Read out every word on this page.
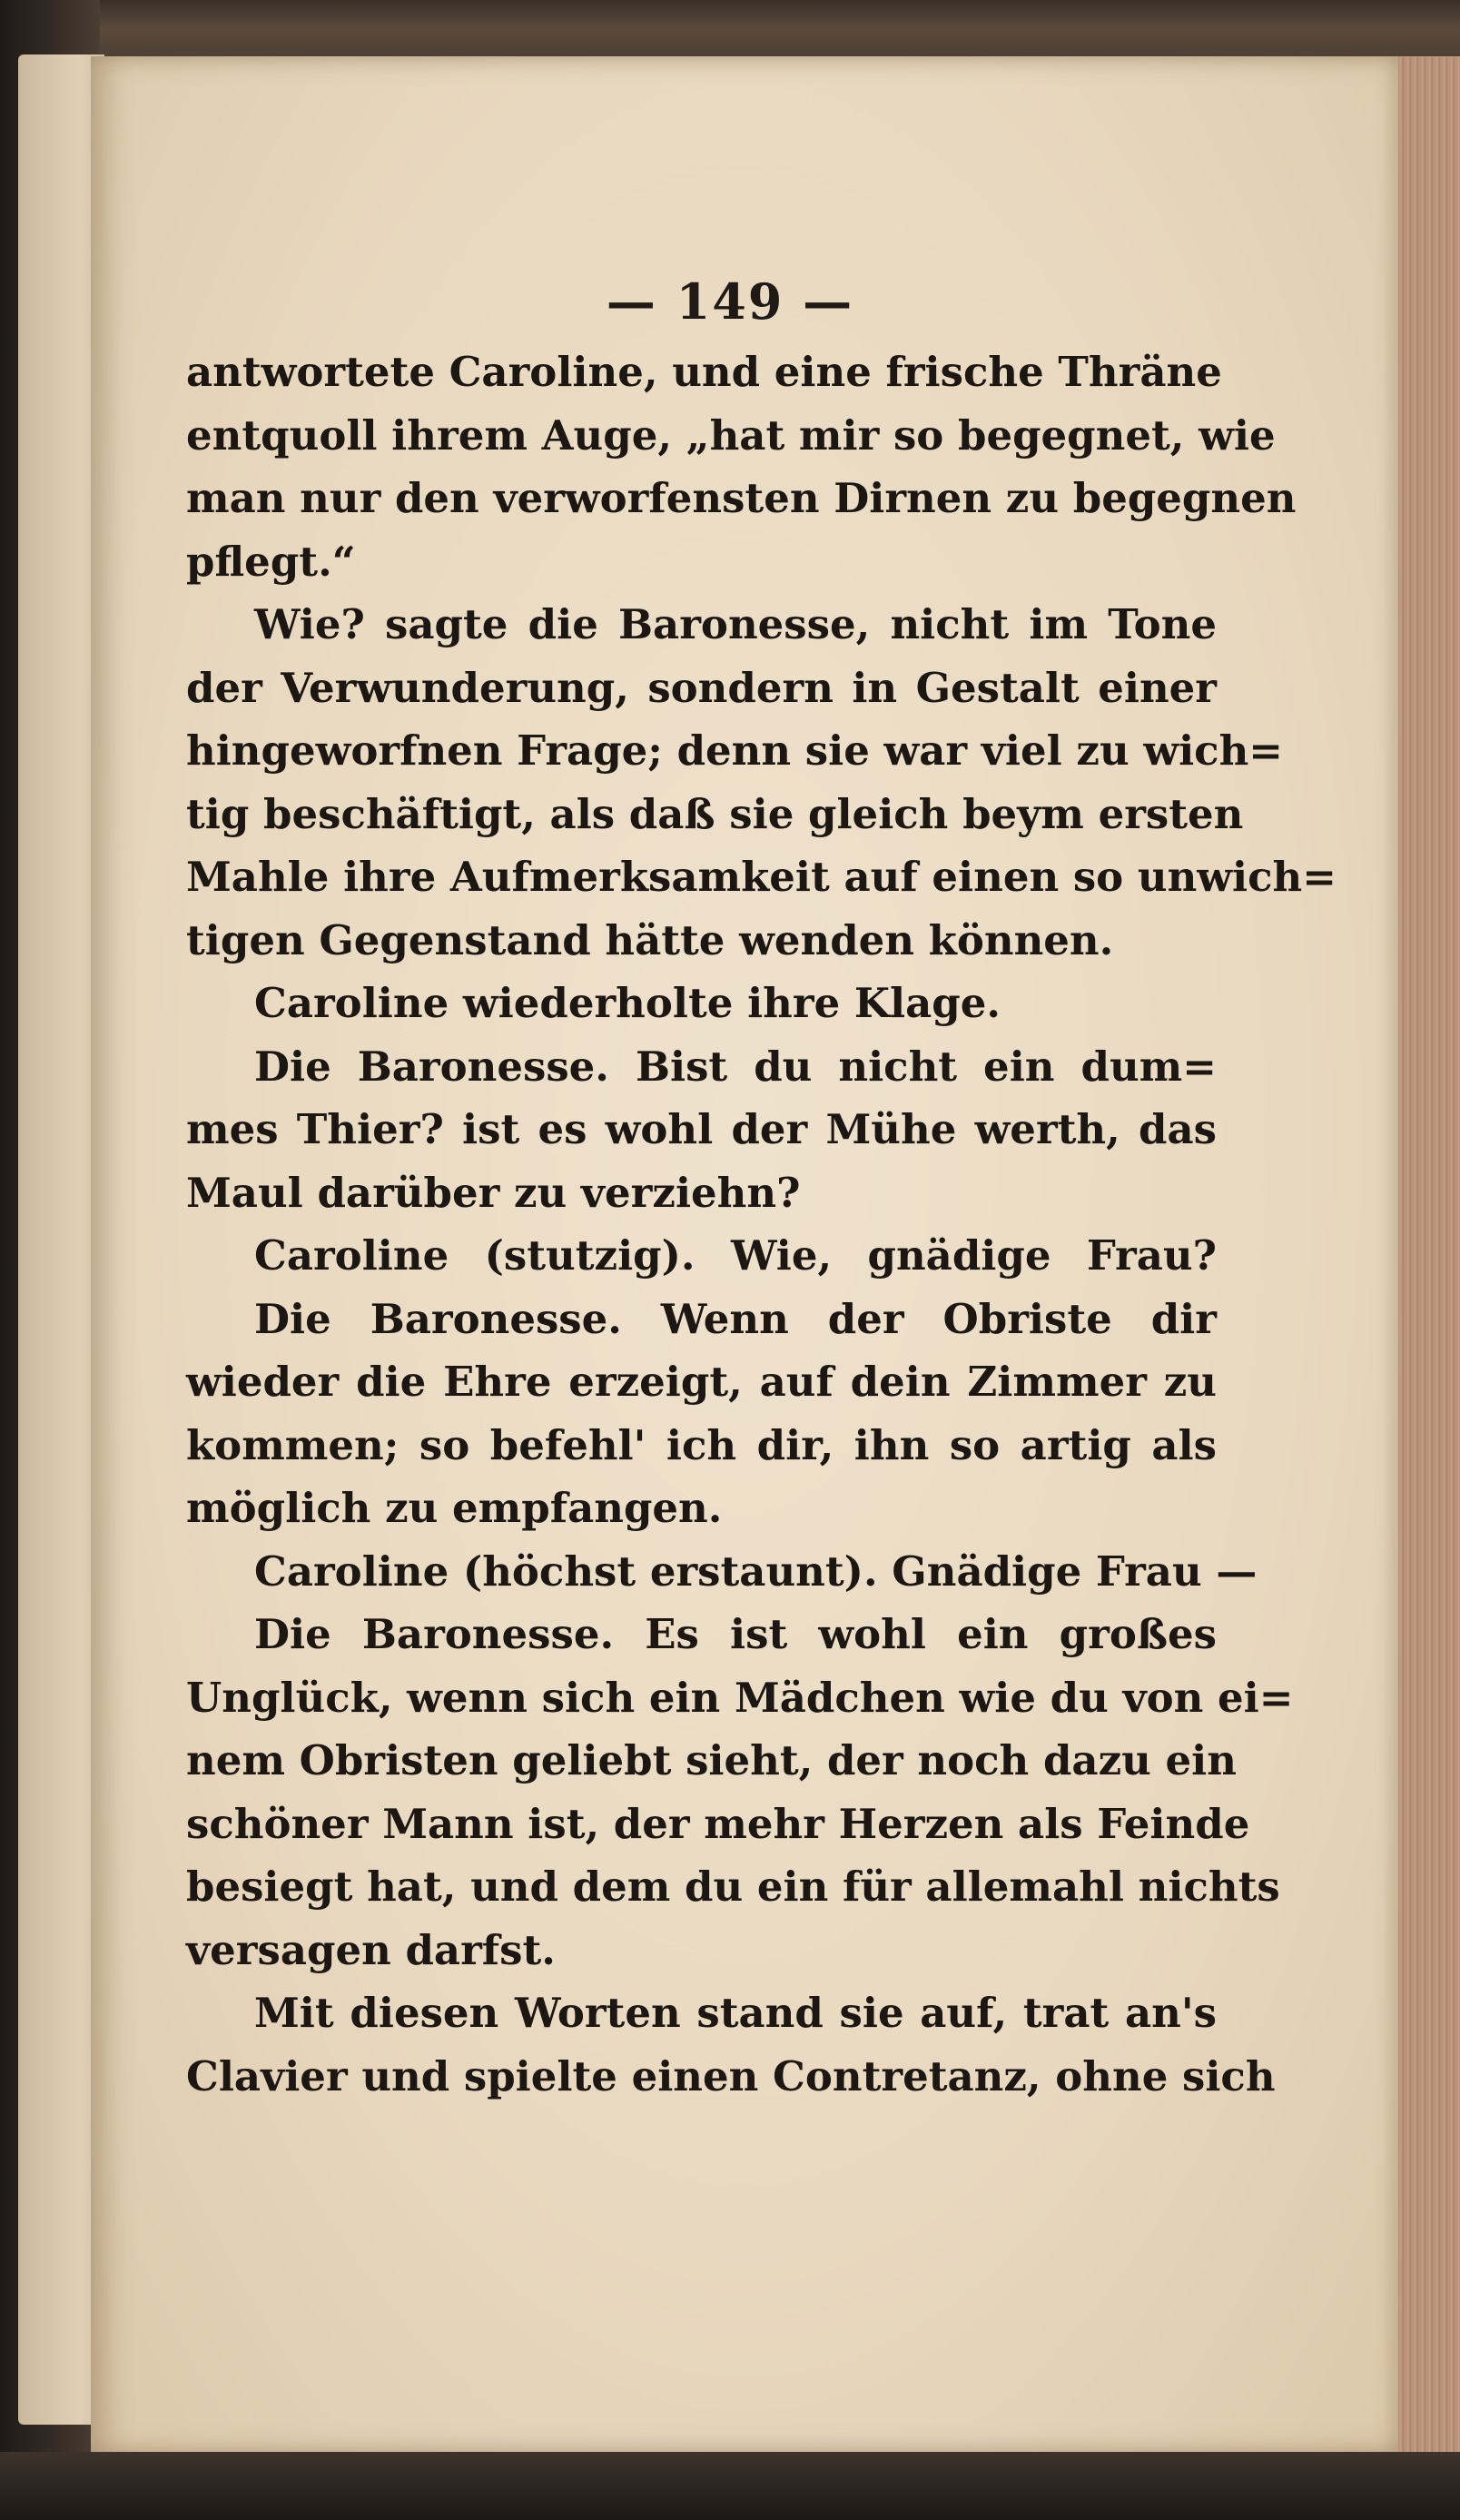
— 149 —
antwortete Caroline, und eine frische Thräne
entquoll ihrem Auge, „hat mir so begegnet, wie
man nur den verworfensten Dirnen zu begegnen
pflegt.“
Wie? sagte die Baronesse, nicht im Tone
der Verwunderung, sondern in Gestalt einer
hingeworfnen Frage; denn sie war viel zu wich=
tig beschäftigt, als daß sie gleich beym ersten
Mahle ihre Aufmerksamkeit auf einen so unwich=
tigen Gegenstand hätte wenden können.
Caroline wiederholte ihre Klage.
Die Baronesse. Bist du nicht ein dum=
mes Thier? ist es wohl der Mühe werth, das
Maul darüber zu verziehn?
Caroline (stutzig). Wie, gnädige Frau?
Die Baronesse. Wenn der Obriste dir
wieder die Ehre erzeigt, auf dein Zimmer zu
kommen; so befehl' ich dir, ihn so artig als
möglich zu empfangen.
Caroline (höchst erstaunt). Gnädige Frau —
Die Baronesse. Es ist wohl ein großes
Unglück, wenn sich ein Mädchen wie du von ei=
nem Obristen geliebt sieht, der noch dazu ein
schöner Mann ist, der mehr Herzen als Feinde
besiegt hat, und dem du ein für allemahl nichts
versagen darfst.
Mit diesen Worten stand sie auf, trat an's
Clavier und spielte einen Contretanz, ohne sich
